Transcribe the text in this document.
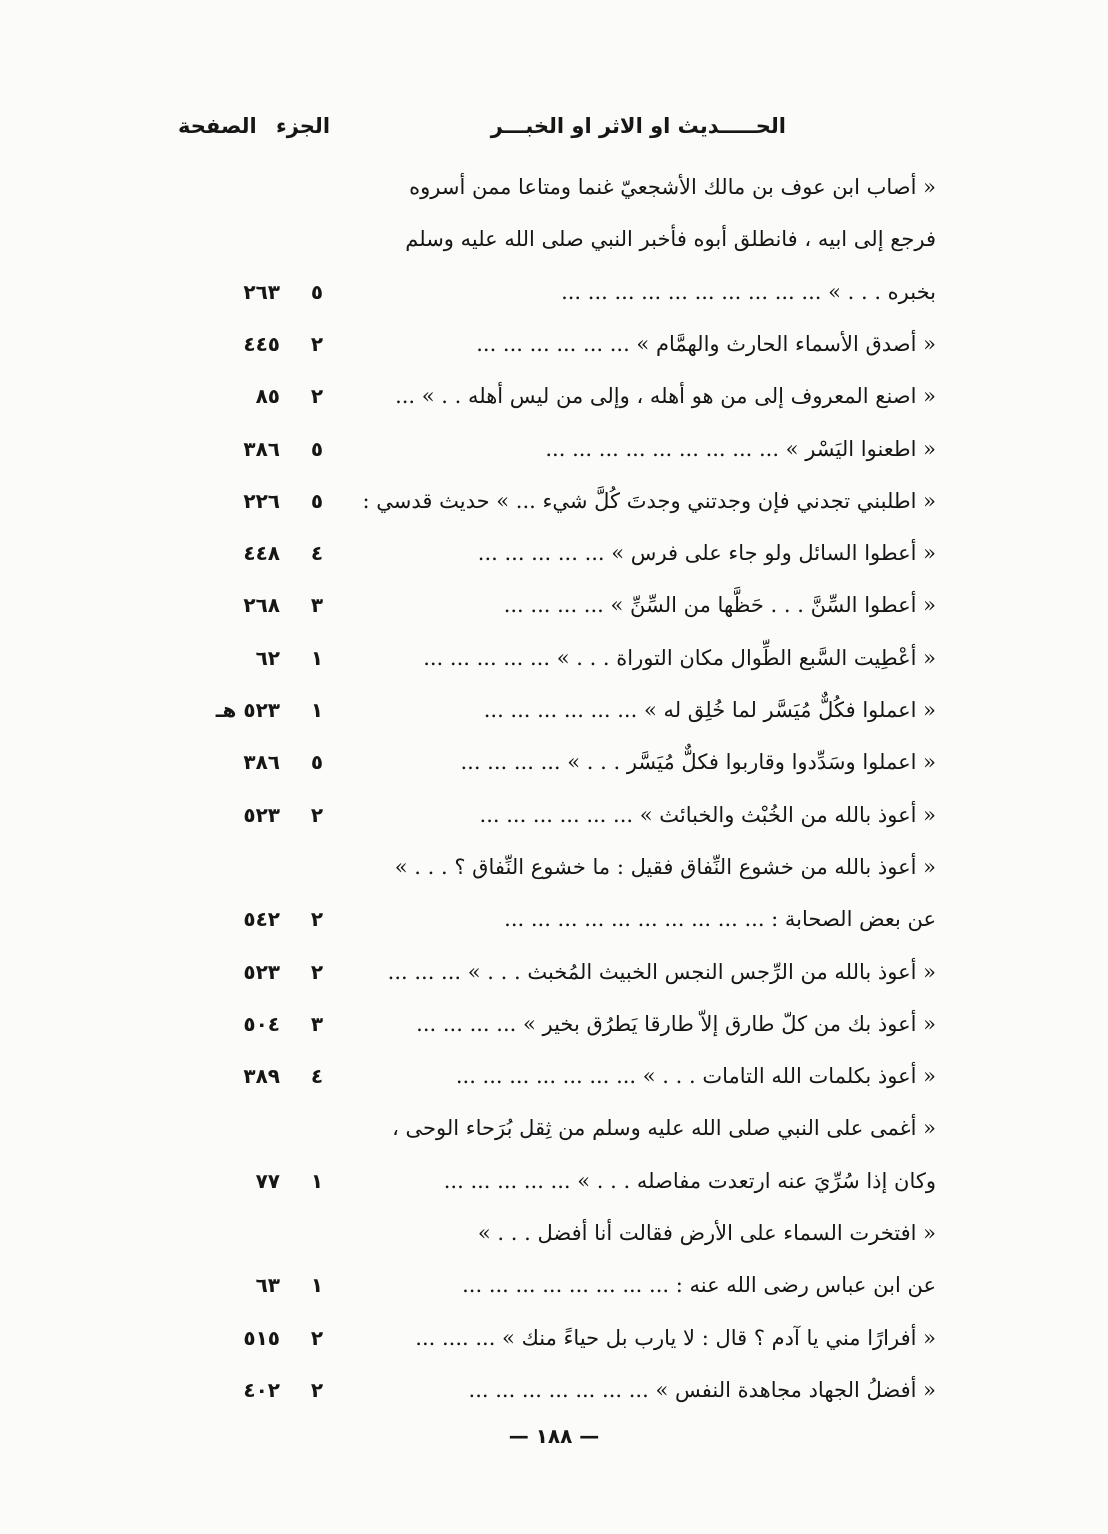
الحـــــديث او الاثر او الخبـــر
الجزء
الصفحة
« أصاب ابن عوف بن مالك الأشجعيّ غنما ومتاعا ممن أسروه
فرجع إلى ابيه ، فانطلق أبوه فأخبر النبي صلى الله عليه وسلم
بخبره . . . » ... ... ... ... ... ... ... ... ... ...
٥
٢٦٣
« أصدق الأسماء الحارث والهمَّام » ... ... ... ... ... ...
٢
٤٤٥
« اصنع المعروف إلى من هو أهله ، وإلى من ليس أهله . . » ...
٢
٨٥
« اطعنوا اليَسْر » ... ... ... ... ... ... ... ... ...
٥
٣٨٦
« اطلبني تجدني فإن وجدتني وجدتَ كُلَّ شيء ... » حديث قدسي :
٥
٢٢٦
« أعطوا السائل ولو جاء على فرس » ... ... ... ... ...
٤
٤٤٨
« أعطوا السِّنَّ . . . حَظَّها من السِّنِّ » ... ... ... ...
٣
٢٦٨
« أعْطِيت السَّبع الطِّوال مكان التوراة . . . » ... ... ... ... ...
١
٦٢
« اعملوا فكُلٌّ مُيَسَّر لما خُلِق له » ... ... ... ... ... ...
١
٥٢٣ هـ
« اعملوا وسَدِّدوا وقاربوا فكلٌّ مُيَسَّر . . . » ... ... ... ...
٥
٣٨٦
« أعوذ بالله من الخُبْث والخبائث » ... ... ... ... ... ...
٢
٥٢٣
« أعوذ بالله من خشوع النِّفاق فقيل : ما خشوع النِّفاق ؟ . . . »
عن بعض الصحابة : ... ... ... ... ... ... ... ... ... ...
٢
٥٤٢
« أعوذ بالله من الرِّجس النجس الخبيث المُخبث . . . » ... ... ...
٢
٥٢٣
« أعوذ بك من كلّ طارق إلاّ طارقا يَطرُق بخير » ... ... ... ...
٣
٥٠٤
« أعوذ بكلمات الله التامات . . . » ... ... ... ... ... ... ...
٤
٣٨٩
« أغمى على النبي صلى الله عليه وسلم من ثِقل بُرَحاء الوحى ،
وكان إذا سُرِّيَ عنه ارتعدت مفاصله . . . » ... ... ... ... ...
١
٧٧
« افتخرت السماء على الأرض فقالت أنا أفضل . . . »
عن ابن عباس رضى الله عنه : ... ... ... ... ... ... ... ...
١
٦٣
« أفرارًا مني يا آدم ؟ قال : لا يارب بل حياءً منك » ... .... ...
٢
٥١٥
« أفضلُ الجهاد مجاهدة النفس » ... ... ... ... ... ... ...
٢
٤٠٢
— ١٨٨ —
